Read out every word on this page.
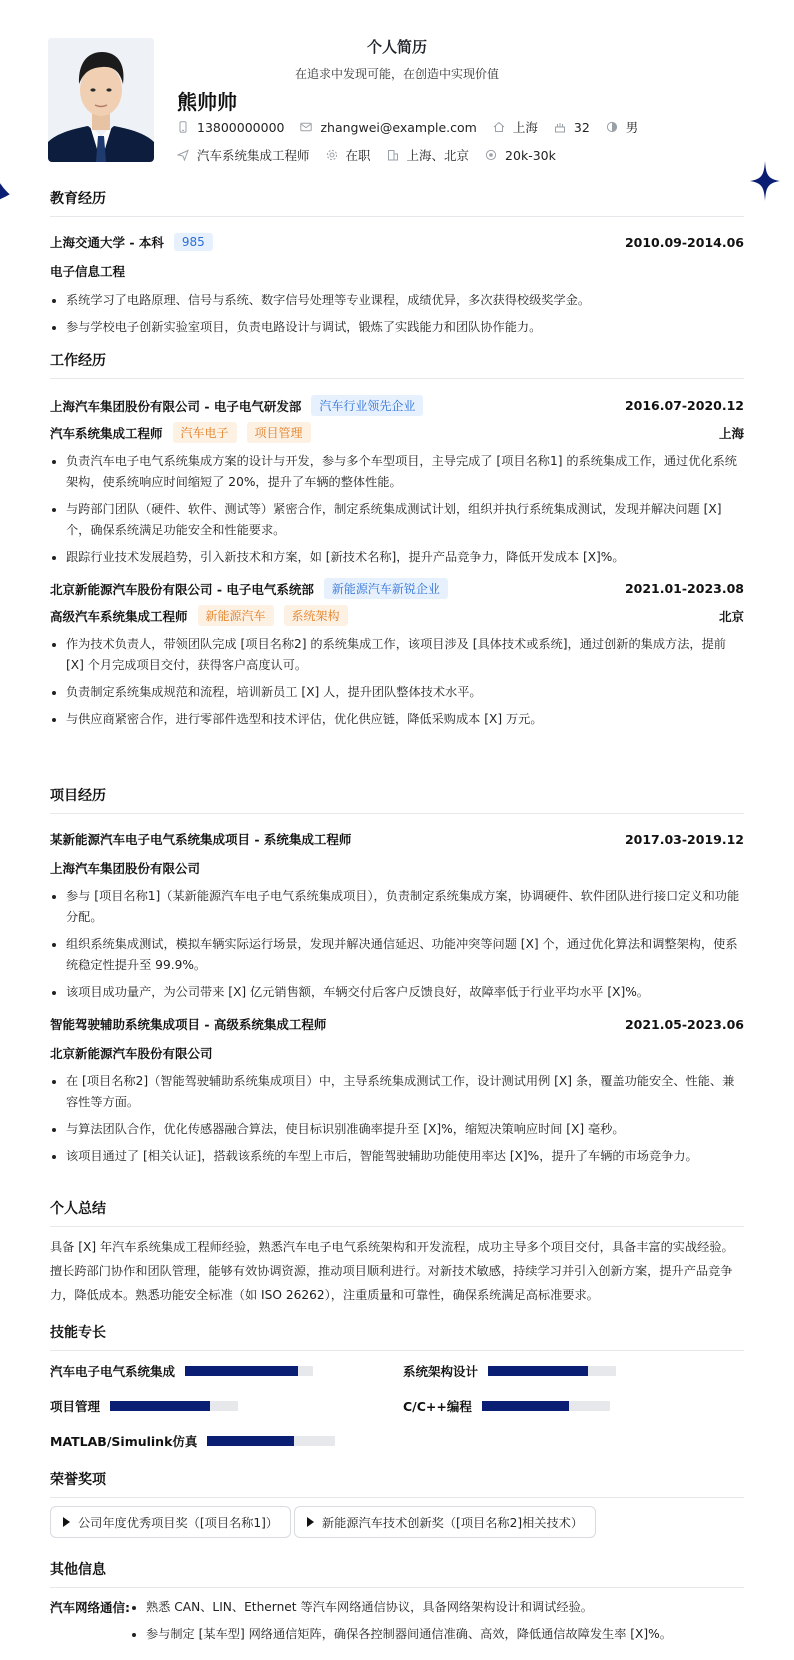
个人简历
在追求中发现可能，在创造中实现价值
熊帅帅
13800000000	zhangwei@example.com	上海	32	男
汽车系统集成工程师	在职	上海、北京	20k-30k
教育经历
上海交通大学 - 本科	985	2010.09-2014.06
电子信息工程
系统学习了电路原理、信号与系统、数字信号处理等专业课程，成绩优异，多次获得校级奖学金。
参与学校电子创新实验室项目，负责电路设计与调试，锻炼了实践能力和团队协作能力。
工作经历
上海汽车集团股份有限公司 - 电子电气研发部	汽车行业领先企业	2016.07-2020.12
汽车系统集成工程师	汽车电子	项目管理	上海
负责汽车电子电气系统集成方案的设计与开发，参与多个车型项目，主导完成了 [项目名称1] 的系统集成工作，通过优化系统架构，使系统响应时间缩短了 20%，提升了车辆的整体性能。
与跨部门团队（硬件、软件、测试等）紧密合作，制定系统集成测试计划，组织并执行系统集成测试，发现并解决问题 [X] 个，确保系统满足功能安全和性能要求。
跟踪行业技术发展趋势，引入新技术和方案，如 [新技术名称]，提升产品竞争力，降低开发成本 [X]%。
北京新能源汽车股份有限公司 - 电子电气系统部	新能源汽车新锐企业	2021.01-2023.08
高级汽车系统集成工程师	新能源汽车	系统架构	北京
作为技术负责人，带领团队完成 [项目名称2] 的系统集成工作，该项目涉及 [具体技术或系统]，通过创新的集成方法，提前 [X] 个月完成项目交付，获得客户高度认可。
负责制定系统集成规范和流程，培训新员工 [X] 人，提升团队整体技术水平。
与供应商紧密合作，进行零部件选型和技术评估，优化供应链，降低采购成本 [X] 万元。
项目经历
某新能源汽车电子电气系统集成项目 - 系统集成工程师	2017.03-2019.12
上海汽车集团股份有限公司
参与 [项目名称1]（某新能源汽车电子电气系统集成项目），负责制定系统集成方案，协调硬件、软件团队进行接口定义和功能分配。
组织系统集成测试，模拟车辆实际运行场景，发现并解决通信延迟、功能冲突等问题 [X] 个，通过优化算法和调整架构，使系统稳定性提升至 99.9%。
该项目成功量产，为公司带来 [X] 亿元销售额，车辆交付后客户反馈良好，故障率低于行业平均水平 [X]%。
智能驾驶辅助系统集成项目 - 高级系统集成工程师	2021.05-2023.06
北京新能源汽车股份有限公司
在 [项目名称2]（智能驾驶辅助系统集成项目）中，主导系统集成测试工作，设计测试用例 [X] 条，覆盖功能安全、性能、兼容性等方面。
与算法团队合作，优化传感器融合算法，使目标识别准确率提升至 [X]%，缩短决策响应时间 [X] 毫秒。
该项目通过了 [相关认证]，搭载该系统的车型上市后，智能驾驶辅助功能使用率达 [X]%，提升了车辆的市场竞争力。
个人总结
具备 [X] 年汽车系统集成工程师经验，熟悉汽车电子电气系统架构和开发流程，成功主导多个项目交付，具备丰富的实战经验。擅长跨部门协作和团队管理，能够有效协调资源，推动项目顺利进行。对新技术敏感，持续学习并引入创新方案，提升产品竞争力，降低成本。熟悉功能安全标准（如 ISO 26262），注重质量和可靠性，确保系统满足高标准要求。
技能专长
汽车电子电气系统集成	系统架构设计
项目管理	C/C++编程
MATLAB/Simulink仿真
荣誉奖项
公司年度优秀项目奖（[项目名称1]）	新能源汽车技术创新奖（[项目名称2]相关技术）
其他信息
汽车网络通信:	熟悉 CAN、LIN、Ethernet 等汽车网络通信协议，具备网络架构设计和调试经验。
参与制定 [某车型] 网络通信矩阵，确保各控制器间通信准确、高效，降低通信故障发生率 [X]%。
